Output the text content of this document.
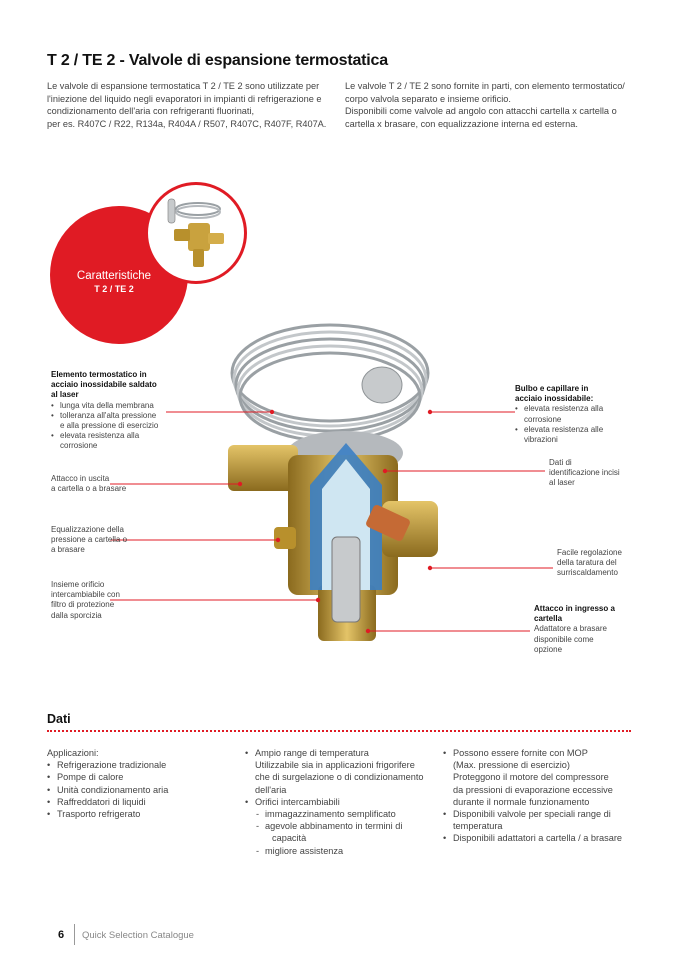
T 2 / TE 2 - Valvole di espansione termostatica

Le valvole di espansione termostatica T 2 / TE 2 sono utilizzate per

l'iniezione del liquido negli evaporatori in impianti di refrigerazione e

condizionamento dell'aria con refrigeranti fluorinati,

per es. R407C / R22, R134a, R404A / R507, R407C, R407F, R407A.

Le valvole T 2 / TE 2 sono fornite in parti, con elemento termostatico/

corpo valvola separato e insieme orificio.

Disponibili come valvole ad angolo con attacchi cartella x cartella o

cartella x brasare, con equalizzazione interna ed esterna.

Caratteristiche
T 2 / TE 2
Elemento termostatico in
acciaio inossidabile saldato
al laser
• lunga vita della membrana
• tolleranza all'alta pressione
e alla pressione di esercizio
• elevata resistenza alla
corrosione
Attacco in uscita
a cartella o a brasare
Equalizzazione della
pressione a cartella o
a brasare
Insieme orificio
intercambiabile con
filtro di protezione
dalla sporcizia
Bulbo e capillare in
acciaio inossidabile:
• elevata resistenza alla
corrosione
• elevata resistenza alle
vibrazioni
Dati di
identificazione incisi
al laser
Facile regolazione
della taratura del
surriscaldamento
Attacco in ingresso a
cartella
Adattatore a brasare
disponibile come
opzione
Dati
Applicazioni:
• Refrigerazione tradizionale
• Pompe di calore
• Unità condizionamento aria
• Raffreddatori di liquidi
• Trasporto refrigerato
• Ampio range di temperatura
Utilizzabile sia in applicazioni frigorifere
che di surgelazione o di condizionamento
dell'aria
• Orifici intercambiabili
- immagazzinamento semplificato
- agevole abbinamento in termini di
capacità
- migliore assistenza
• Possono essere fornite con MOP
(Max. pressione di esercizio)
Proteggono il motore del compressore
da pressioni di evaporazione eccessive
durante il normale funzionamento
• Disponibili valvole per speciali range di
temperatura
• Disponibili adattatori a cartella / a brasare
6 Quick Selection Catalogue
